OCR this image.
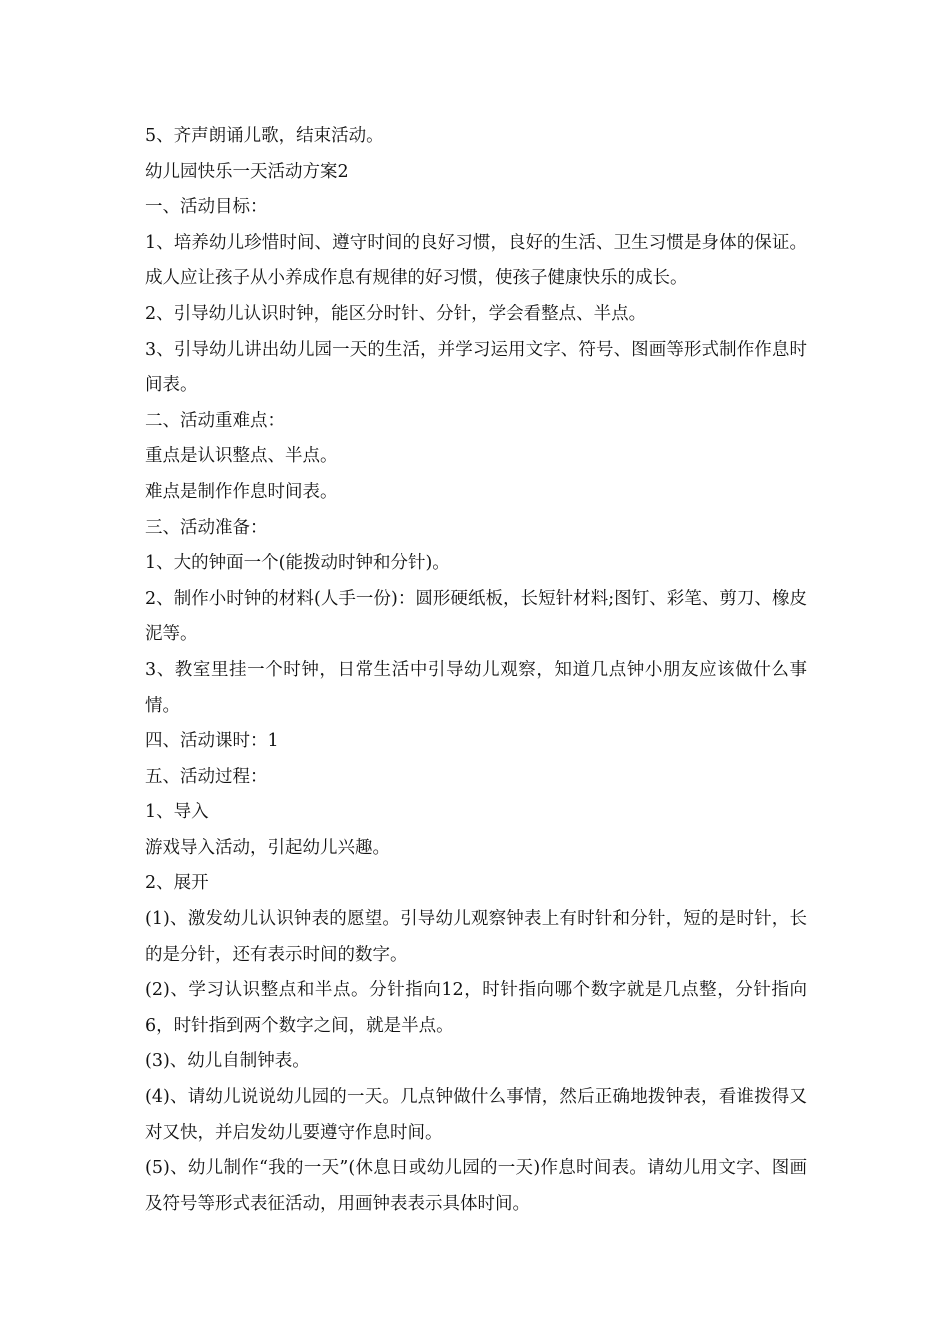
5、齐声朗诵儿歌，结束活动。

幼儿园快乐一天活动方案2

一、活动目标：

1、培养幼儿珍惜时间、遵守时间的良好习惯，良好的生活、卫生习惯是身体的保证。成人应让孩子从小养成作息有规律的好习惯，使孩子健康快乐的成长。

2、引导幼儿认识时钟，能区分时针、分针，学会看整点、半点。

3、引导幼儿讲出幼儿园一天的生活，并学习运用文字、符号、图画等形式制作作息时间表。

二、活动重难点：

重点是认识整点、半点。

难点是制作作息时间表。

三、活动准备：

1、大的钟面一个(能拨动时钟和分针)。

2、制作小时钟的材料(人手一份)：圆形硬纸板，长短针材料;图钉、彩笔、剪刀、橡皮泥等。

3、教室里挂一个时钟，日常生活中引导幼儿观察，知道几点钟小朋友应该做什么事情。

四、活动课时：1

五、活动过程：

1、导入

游戏导入活动，引起幼儿兴趣。

2、展开

(1)、激发幼儿认识钟表的愿望。引导幼儿观察钟表上有时针和分针，短的是时针，长的是分针，还有表示时间的数字。

(2)、学习认识整点和半点。分针指向12，时针指向哪个数字就是几点整，分针指向6，时针指到两个数字之间，就是半点。

(3)、幼儿自制钟表。

(4)、请幼儿说说幼儿园的一天。几点钟做什么事情，然后正确地拨钟表，看谁拨得又对又快，并启发幼儿要遵守作息时间。

(5)、幼儿制作“我的一天”(休息日或幼儿园的一天)作息时间表。请幼儿用文字、图画及符号等形式表征活动，用画钟表表示具体时间。
